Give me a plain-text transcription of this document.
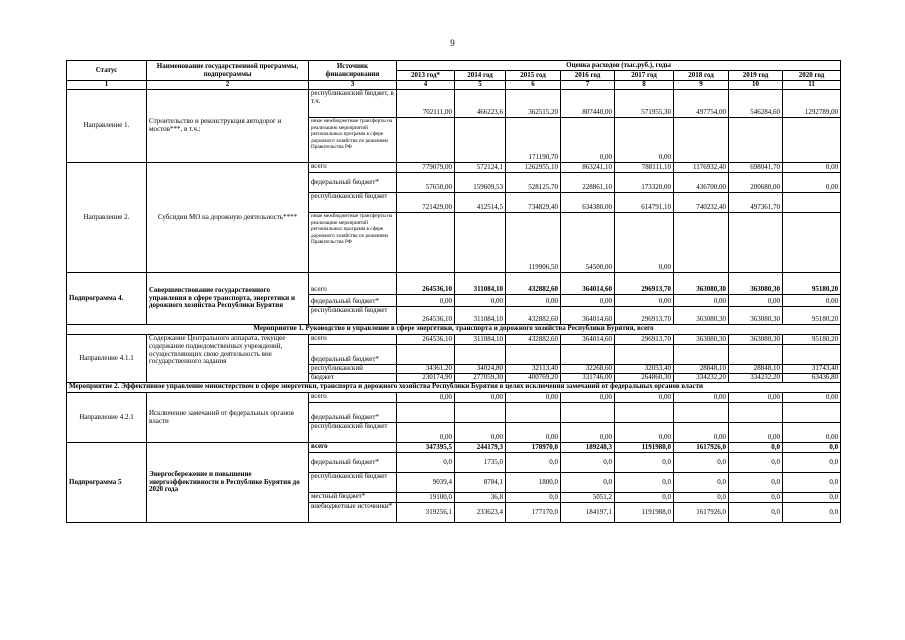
9
Статус	Наименование государственной программы, подпрограммы	Источник финансирования	Оценка расходов (тыс.руб.), годы							
			2013 год*	2014 год	2015 год	2016 год	2017 год	2018 год	2019 год	2020 год
1	2	3	4	5	6	7	8	9	10	11
Направление 1.	Строительство и реконструкция автодорог и мостов***, в т.ч.:	республиканский бюджет, в т.ч.	702111,00	466223,6	362515,20	807440,00	571955,30	497754,00	546284,60	1292789,00
		иные межбюджетные трансферты на реализацию мероприятий региональных программ в сфере дорожного хозяйства по решениям Правительства РФ			171190,70	0,00	0,00			
Направление 2.	Субсидии МО на дорожную деятельность****	всего	779079,00	572124,1	1262955,10	863241,10	788111,10	1176932,40	698041,70	0,00
		федеральный бюджет*	57650,00	159609,53	528125,70	228861,10	173320,00	436700,00	200680,00	0,00
		республиканский бюджет	721429,00	412514,5	734829,40	634380,00	614791,10	740232,40	497361,70	
		иные межбюджетные трансферты на реализацию мероприятий региональных программ в сфере дорожного хозяйства по решениям Правительства РФ			119906,50	54500,00	0,00			
Подпрограмма 4.	Совершенствование государственного управления в сфере транспорта, энергетики и дорожного хозяйства Республики Бурятия	всего	264536,10	311084,10	432882,60	364014,60	296913,70	363080,30	363080,30	95180,20
		федеральный бюджет*	0,00	0,00	0,00	0,00	0,00	0,00	0,00	0,00
		республиканский бюджет	264536,10	311084,10	432882,60	364014,60	296913,70	363080,30	363080,30	95180,20
Мероприятие 1. Руководство и управление в сфере энергетики, транспорта и дорожного хозяйства Республики Бурятия, всего										
Направление 4.1.1	Содержание Центрального аппарата, текущее содержание подведомственных учреждений, осуществляющих свою деятельность вне государственного задания	всего	264536,10	311084,10	432882,60	364014,60	296913,70	363080,30	363080,30	95180,20
		федеральный бюджет*								
		республиканский	34361,20	34024,80	32113,40	32268,60	32053,40	28848,10	28848,10	31743,40
		бюджет	230174,90	277059,30	400769,20	331746,00	264860,30	334232,20	334232,20	63436,80
Мероприятие 2. Эффективное управление министерством в сфере энергетики, транспорта и дорожного хозяйства Республики Бурятия в целях исключения замечаний от федеральных органов власти										
Направление 4.2.1	Исключение замечаний от федеральных органов власти	всего	0,00	0,00	0,00	0,00	0,00	0,00	0,00	0,00
		федеральный бюджет*								
		республиканский бюджет	0,00	0,00	0,00	0,00	0,00	0,00	0,00	0,00
Подпрограмма 5	Энергосбережение и повышение энергоэффективности в Республике Бурятия до 2020 года	всего	347395,5	244179,3	178970,0	189248,3	1191988,0	1617926,0	0,0	0,0
		федеральный бюджет*	0,0	1735,0	0,0	0,0	0,0	0,0	0,0	0,0
		республиканский бюджет	9039,4	8784,1	1800,0	0,0	0,0	0,0	0,0	0,0
		местный бюджет*	19100,0	36,8	0,0	5051,2	0,0	0,0	0,0	0,0
		внебюджетные источники*	319256,1	233623,4	177170,0	184197,1	1191988,0	1617926,0	0,0	0,0
